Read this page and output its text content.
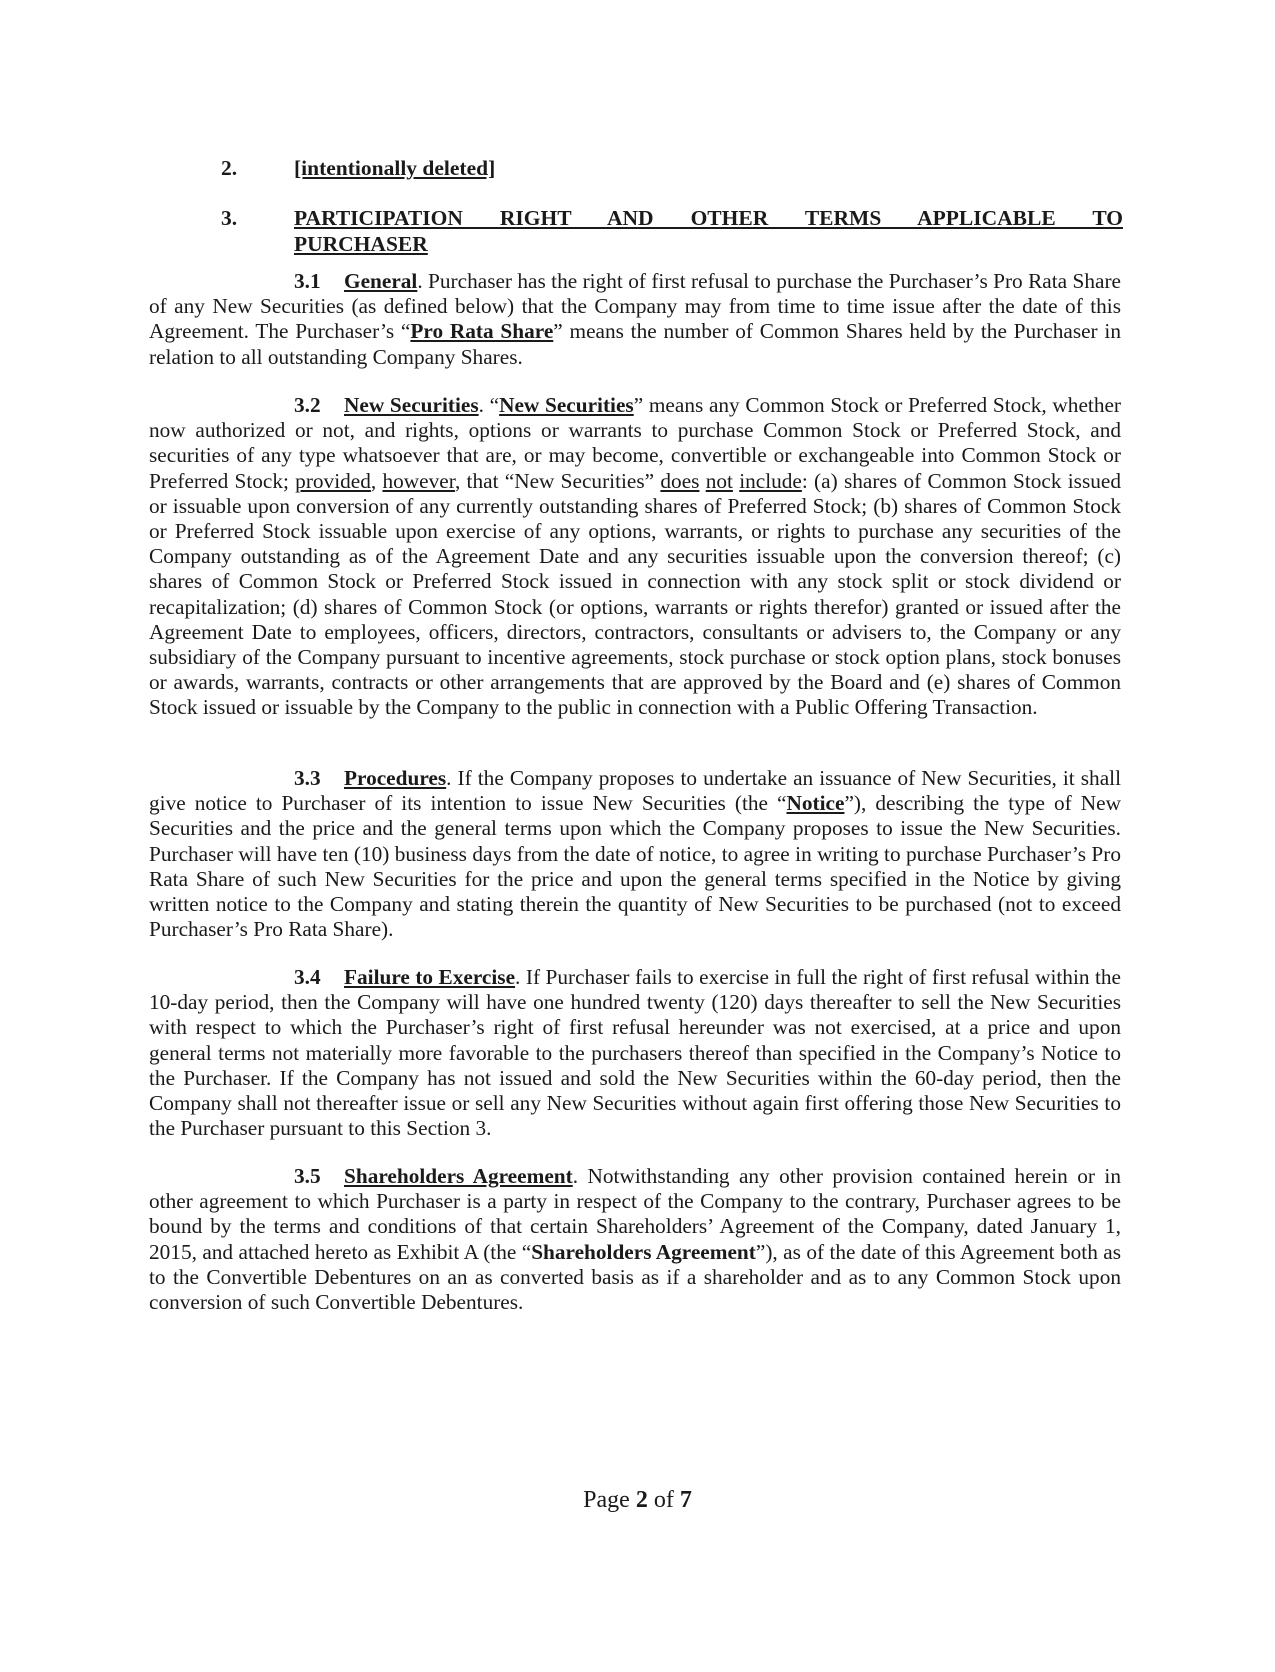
2.	[intentionally deleted]
3.	PARTICIPATION RIGHT AND OTHER TERMS APPLICABLE TO
PURCHASER

3.1 General. Purchaser has the right of first refusal to purchase the Purchaser’s Pro Rata Share of any New Securities (as defined below) that the Company may from time to time issue after the date of this Agreement. The Purchaser’s “Pro Rata Share” means the number of Common Shares held by the Purchaser in relation to all outstanding Company Shares.

3.2 New Securities. “New Securities” means any Common Stock or Preferred Stock, whether now authorized or not, and rights, options or warrants to purchase Common Stock or Preferred Stock, and securities of any type whatsoever that are, or may become, convertible or exchangeable into Common Stock or Preferred Stock; provided, however, that “New Securities” does not include: (a) shares of Common Stock issued or issuable upon conversion of any currently outstanding shares of Preferred Stock; (b) shares of Common Stock or Preferred Stock issuable upon exercise of any options, warrants, or rights to purchase any securities of the Company outstanding as of the Agreement Date and any securities issuable upon the conversion thereof; (c) shares of Common Stock or Preferred Stock issued in connection with any stock split or stock dividend or recapitalization; (d) shares of Common Stock (or options, warrants or rights therefor) granted or issued after the Agreement Date to employees, officers, directors, contractors, consultants or advisers to, the Company or any subsidiary of the Company pursuant to incentive agreements, stock purchase or stock option plans, stock bonuses or awards, warrants, contracts or other arrangements that are approved by the Board and (e) shares of Common Stock issued or issuable by the Company to the public in connection with a Public Offering Transaction.

3.3 Procedures. If the Company proposes to undertake an issuance of New Securities, it shall give notice to Purchaser of its intention to issue New Securities (the “Notice”), describing the type of New Securities and the price and the general terms upon which the Company proposes to issue the New Securities. Purchaser will have ten (10) business days from the date of notice, to agree in writing to purchase Purchaser’s Pro Rata Share of such New Securities for the price and upon the general terms specified in the Notice by giving written notice to the Company and stating therein the quantity of New Securities to be purchased (not to exceed Purchaser’s Pro Rata Share).

3.4 Failure to Exercise. If Purchaser fails to exercise in full the right of first refusal within the 10-day period, then the Company will have one hundred twenty (120) days thereafter to sell the New Securities with respect to which the Purchaser’s right of first refusal hereunder was not exercised, at a price and upon general terms not materially more favorable to the purchasers thereof than specified in the Company’s Notice to the Purchaser. If the Company has not issued and sold the New Securities within the 60-day period, then the Company shall not thereafter issue or sell any New Securities without again first offering those New Securities to the Purchaser pursuant to this Section 3.

3.5 Shareholders Agreement. Notwithstanding any other provision contained herein or in other agreement to which Purchaser is a party in respect of the Company to the contrary, Purchaser agrees to be bound by the terms and conditions of that certain Shareholders’ Agreement of the Company, dated January 1, 2015, and attached hereto as Exhibit A (the “Shareholders Agreement”), as of the date of this Agreement both as to the Convertible Debentures on an as converted basis as if a shareholder and as to any Common Stock upon conversion of such Convertible Debentures.

Page 2 of 7
